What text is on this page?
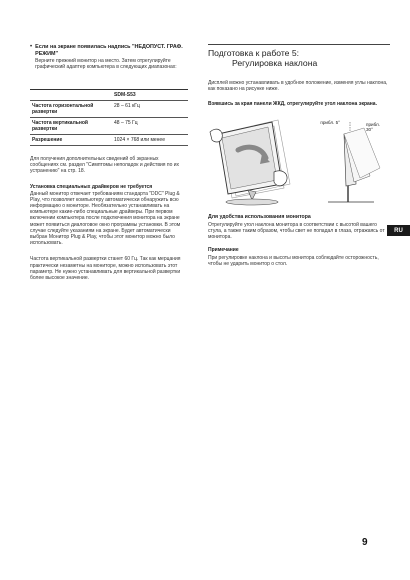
• Если на экране появилась надпись "НЕДОПУСТ. ГРАФ. РЕЖИМ"
Верните прежний монитор на место. Затем отрегулируйте графический адаптер компьютера в следующих диапазонах:
	SDM-S53
Частота горизонтальной развертки	28 – 61 кГц
Частота вертикальной развертки	48 – 75 Гц
Разрешение	1024 × 768 или менее
Для получения дополнительных сведений об экранных сообщениях см. раздел "Симптомы неполадок и действия по их устранению" на стр. 18.
Установка специальных драйверов не требуется
Данный монитор отвечает требованиям стандарта "DDC" Plug & Play, что позволяет компьютеру автоматически обнаружить всю информацию о мониторе. Необязательно устанавливать на компьютере какие-либо специальные драйверы. При первом включении компьютера после подключения монитора на экране может появиться диалоговое окно программы установки. В этом случае следуйте указаниям на экране. Будет автоматически выбран Монитор Plug & Play, чтобы этот монитор можно было использовать.
Частота вертикальной развертки станет 60 Гц. Так как мерцания практически незаметны на мониторе, можно использовать этот параметр. Не нужно устанавливать для вертикальной развертки более высокое значение.
Подготовка к работе 5:
Регулировка наклона
Дисплей можно устанавливать в удобное положение, изменяя углы наклона, как показано на рисунке ниже.
Взявшись за края панели ЖКД, отрегулируйте угол наклона экрана.
прибл. 5°	прибл. 30°
Для удобства использования монитора
Отрегулируйте угол наклона монитора в соответствии с высотой вашего стула, а также таким образом, чтобы свет не попадал в глаза, отражаясь от монитора.
Примечание
При регулировке наклона и высоты монитора соблюдайте осторожность, чтобы не ударить монитор о стол.
RU
9
